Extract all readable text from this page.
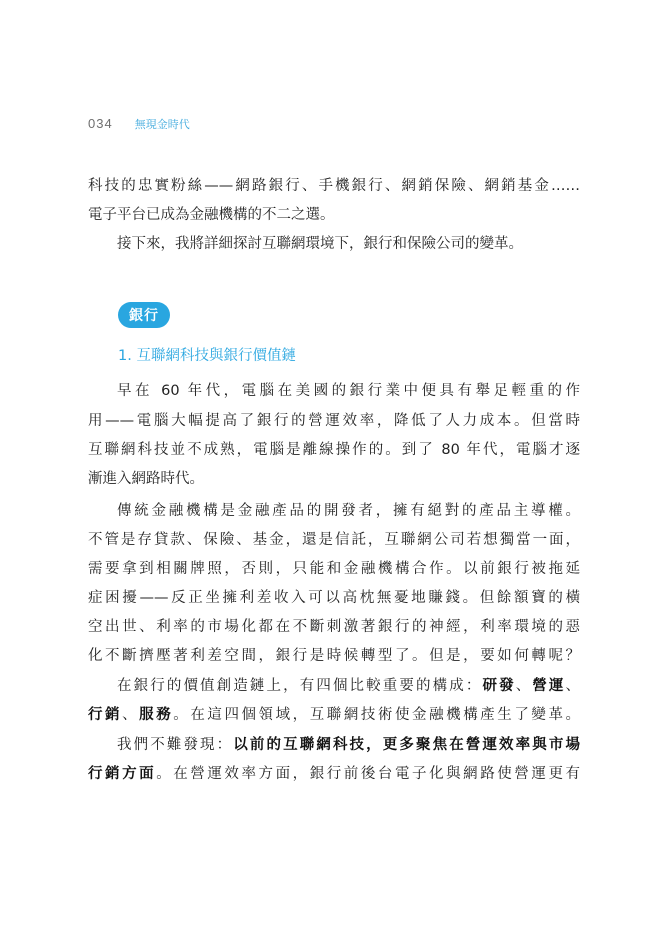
034 無現金時代

科技的忠實粉絲——網路銀行、手機銀行、網銷保險、網銷基金……

電子平台已成為金融機構的不二之選。

接下來，我將詳細探討互聯網環境下，銀行和保險公司的變革。

銀行
1. 互聯網科技與銀行價值鏈

早在 60 年代，電腦在美國的銀行業中便具有舉足輕重的作

用——電腦大幅提高了銀行的營運效率，降低了人力成本。但當時

互聯網科技並不成熟，電腦是離線操作的。到了 80 年代，電腦才逐

漸進入網路時代。

傳統金融機構是金融產品的開發者，擁有絕對的產品主導權。

不管是存貸款、保險、基金，還是信託，互聯網公司若想獨當一面，

需要拿到相關牌照，否則，只能和金融機構合作。以前銀行被拖延

症困擾——反正坐擁利差收入可以高枕無憂地賺錢。但餘額寶的橫

空出世、利率的市場化都在不斷刺激著銀行的神經，利率環境的惡

化不斷擠壓著利差空間，銀行是時候轉型了。但是，要如何轉呢？

在銀行的價值創造鏈上，有四個比較重要的構成：研發、營運、

行銷、服務。在這四個領域，互聯網技術使金融機構產生了變革。

我們不難發現：以前的互聯網科技，更多聚焦在營運效率與市場

行銷方面。在營運效率方面，銀行前後台電子化與網路使營運更有
